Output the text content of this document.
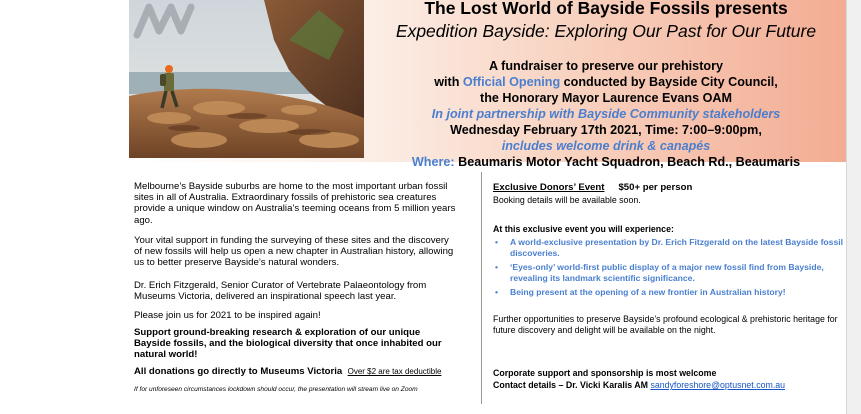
The Lost World of Bayside Fossils presents
Expedition Bayside: Exploring Our Past for Our Future
A fundraiser to preserve our prehistory
with Official Opening conducted by Bayside City Council,
the Honorary Mayor Laurence Evans OAM
In joint partnership with Bayside Community stakeholders
Wednesday February 17th 2021, Time: 7:00–9:00pm,
includes welcome drink & canapés
Where: Beaumaris Motor Yacht Squadron, Beach Rd., Beaumaris
Melbourne’s Bayside suburbs are home to the most important urban fossil sites in all of Australia. Extraordinary fossils of prehistoric sea creatures provide a unique window on Australia’s teeming oceans from 5 million years ago.
Your vital support in funding the surveying of these sites and the discovery of new fossils will help us open a new chapter in Australian history, allowing us to better preserve Bayside’s natural wonders.
Dr. Erich Fitzgerald, Senior Curator of Vertebrate Palaeontology from Museums Victoria, delivered an inspirational speech last year.
Please join us for 2021 to be inspired again!
Support ground-breaking research & exploration of our unique Bayside fossils, and the biological diversity that once inhabited our natural world!
All donations go directly to Museums Victoria Over $2 are tax deductible
If for unforeseen circumstances lockdown should occur, the presentation will stream live on Zoom
Exclusive Donors’ Event $50+ per person
Booking details will be available soon.
At this exclusive event you will experience:
• A world-exclusive presentation by Dr. Erich Fitzgerald on the latest Bayside fossil discoveries.
• ‘Eyes-only’ world-first public display of a major new fossil find from Bayside, revealing its landmark scientific significance.
• Being present at the opening of a new frontier in Australian history!
Further opportunities to preserve Bayside’s profound ecological & prehistoric heritage for future discovery and delight will be available on the night.
Corporate support and sponsorship is most welcome
Contact details – Dr. Vicki Karalis AM sandyforeshore@optusnet.com.au
